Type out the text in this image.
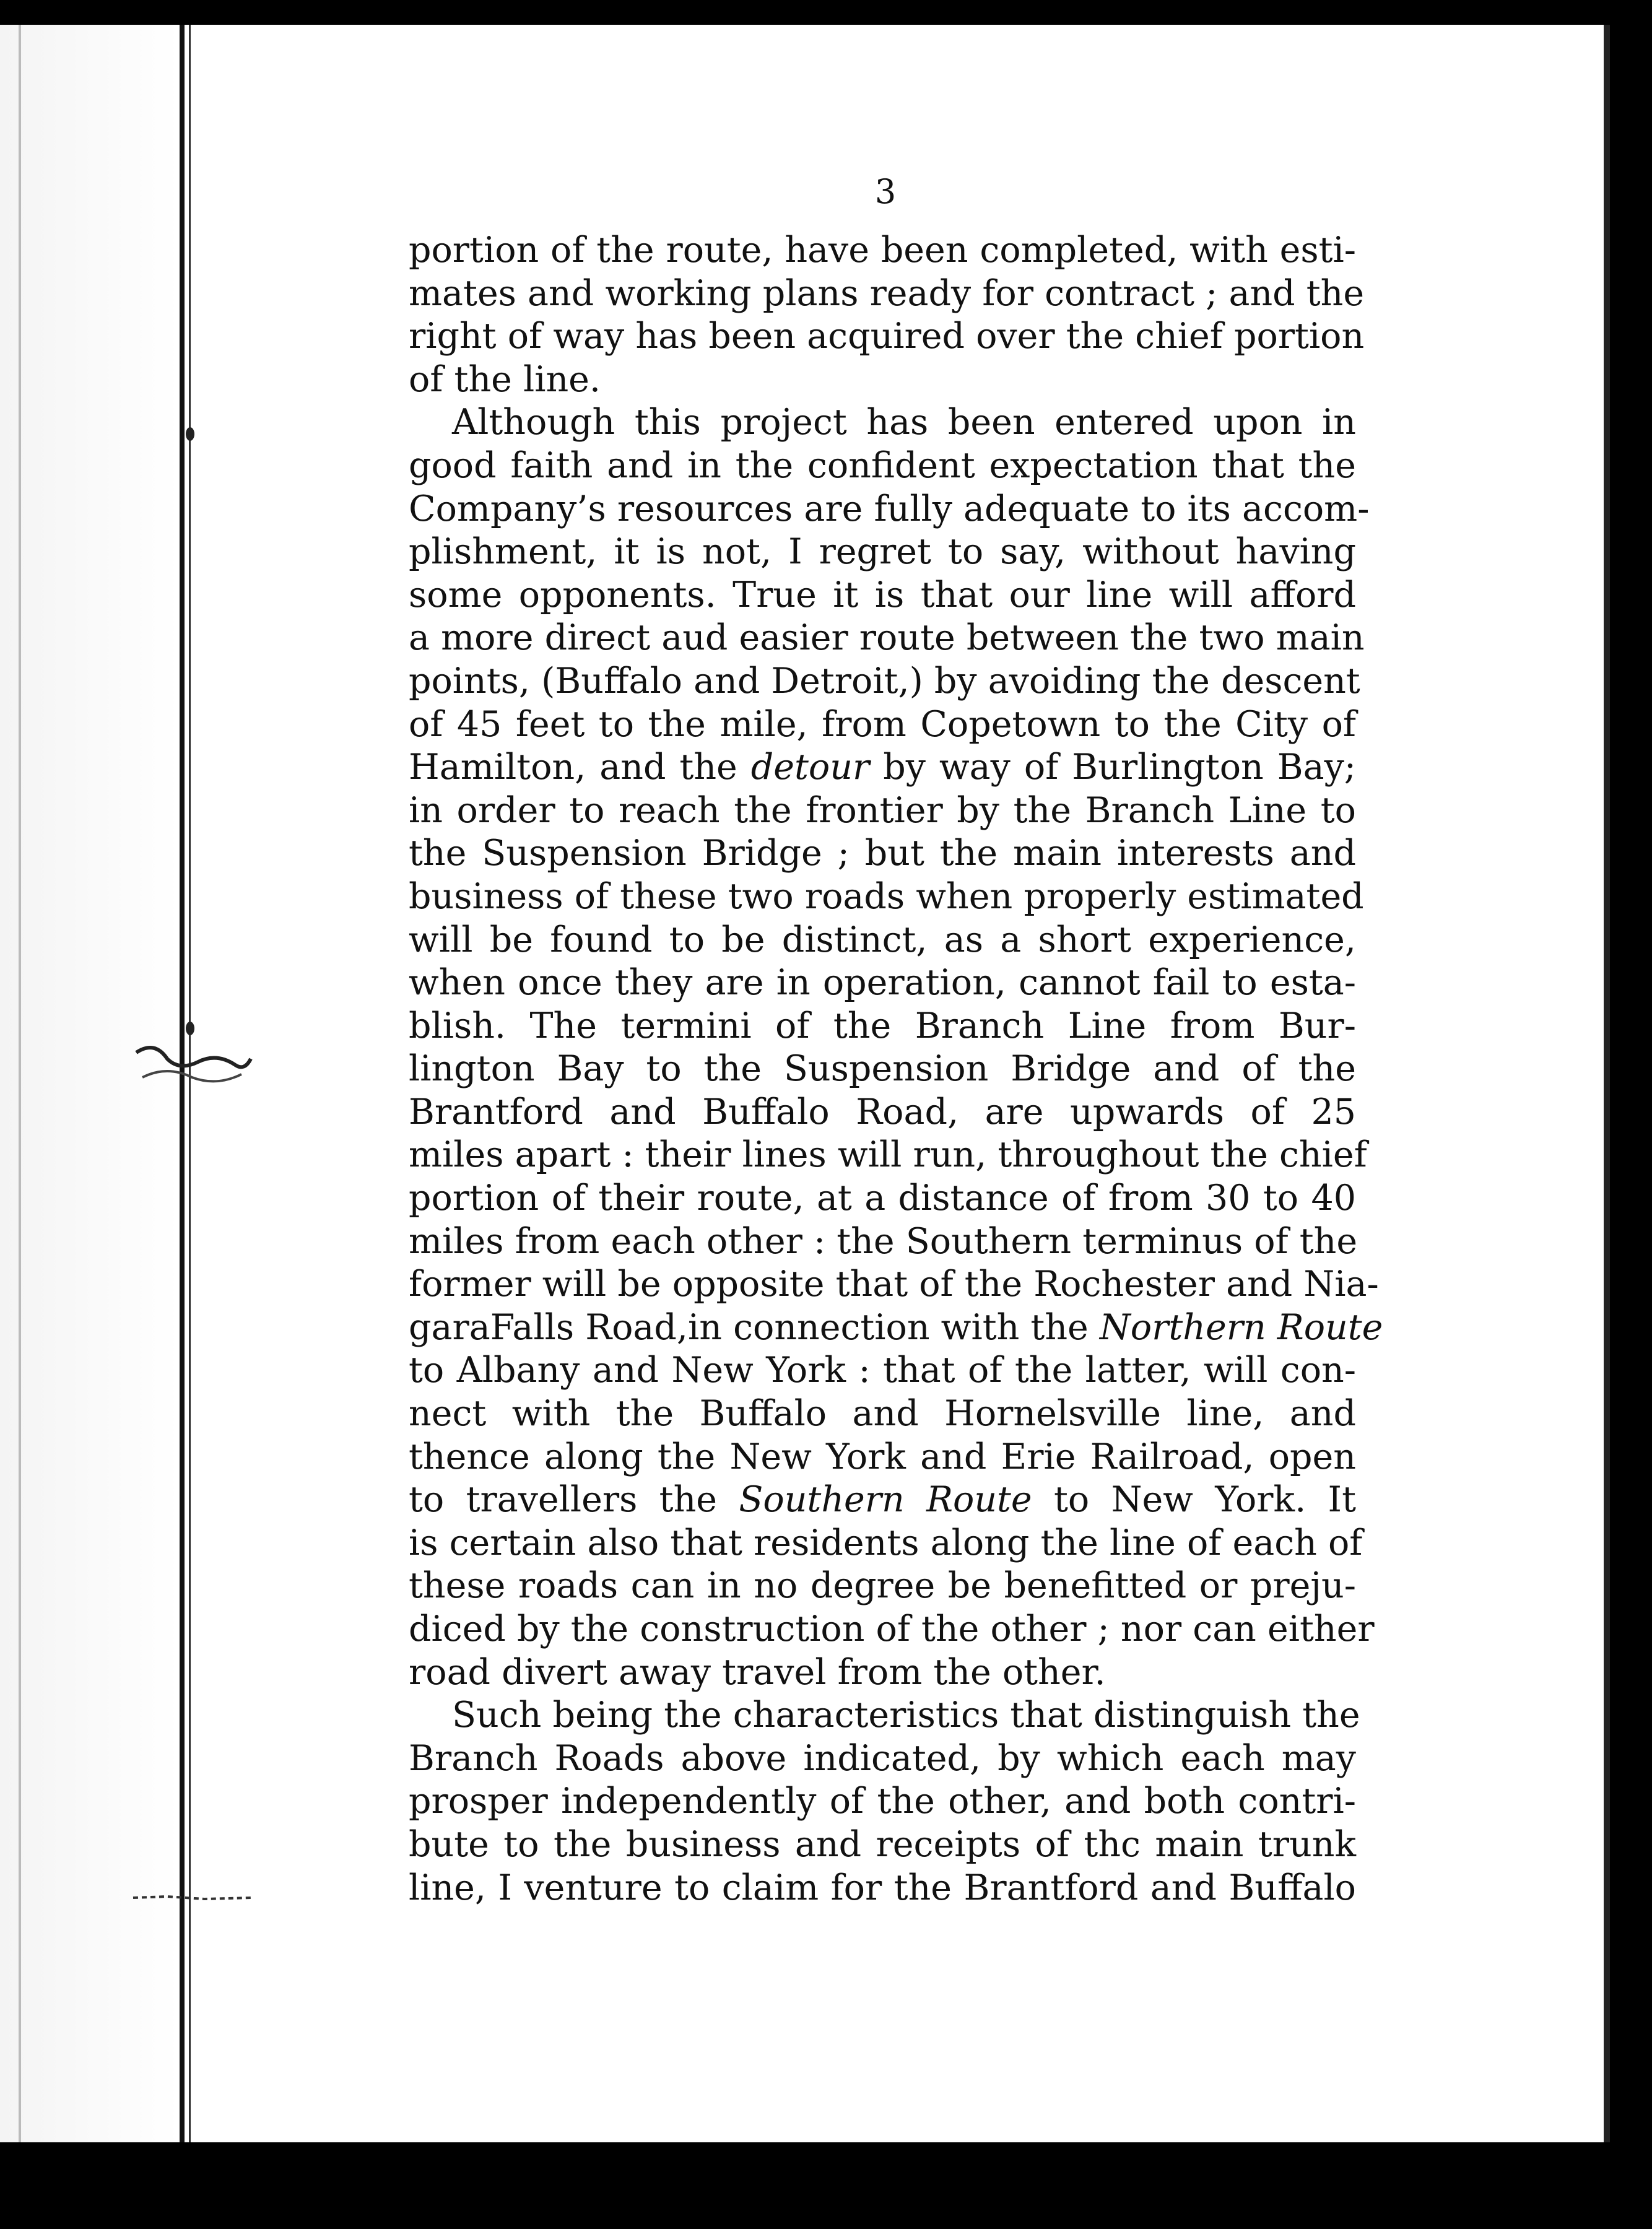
3
portion of the route, have been completed, with esti-
mates and working plans ready for contract ; and the
right of way has been acquired over the chief portion
of the line.
Although this project has been entered upon in
good faith and in the confident expectation that the
Company’s resources are fully adequate to its accom-
plishment, it is not, I regret to say, without having
some opponents. True it is that our line will afford
a more direct aud easier route between the two main
points, (Buffalo and Detroit,) by avoiding the descent
of 45 feet to the mile, from Copetown to the City of
Hamilton, and the detour by way of Burlington Bay;
in order to reach the frontier by the Branch Line to
the Suspension Bridge ; but the main interests and
business of these two roads when properly estimated
will be found to be distinct, as a short experience,
when once they are in operation, cannot fail to esta-
blish. The termini of the Branch Line from Bur-
lington Bay to the Suspension Bridge and of the
Brantford and Buffalo Road, are upwards of 25
miles apart : their lines will run, throughout the chief
portion of their route, at a distance of from 30 to 40
miles from each other : the Southern terminus of the
former will be opposite that of the Rochester and Nia-
garaFalls Road,in connection with the Northern Route
to Albany and New York : that of the latter, will con-
nect with the Buffalo and Hornelsville line, and
thence along the New York and Erie Railroad, open
to travellers the Southern Route to New York. It
is certain also that residents along the line of each of
these roads can in no degree be benefitted or preju-
diced by the construction of the other ; nor can either
road divert away travel from the other.
Such being the characteristics that distinguish the
Branch Roads above indicated, by which each may
prosper independently of the other, and both contri-
bute to the business and receipts of thc main trunk
line, I venture to claim for the Brantford and Buffalo
